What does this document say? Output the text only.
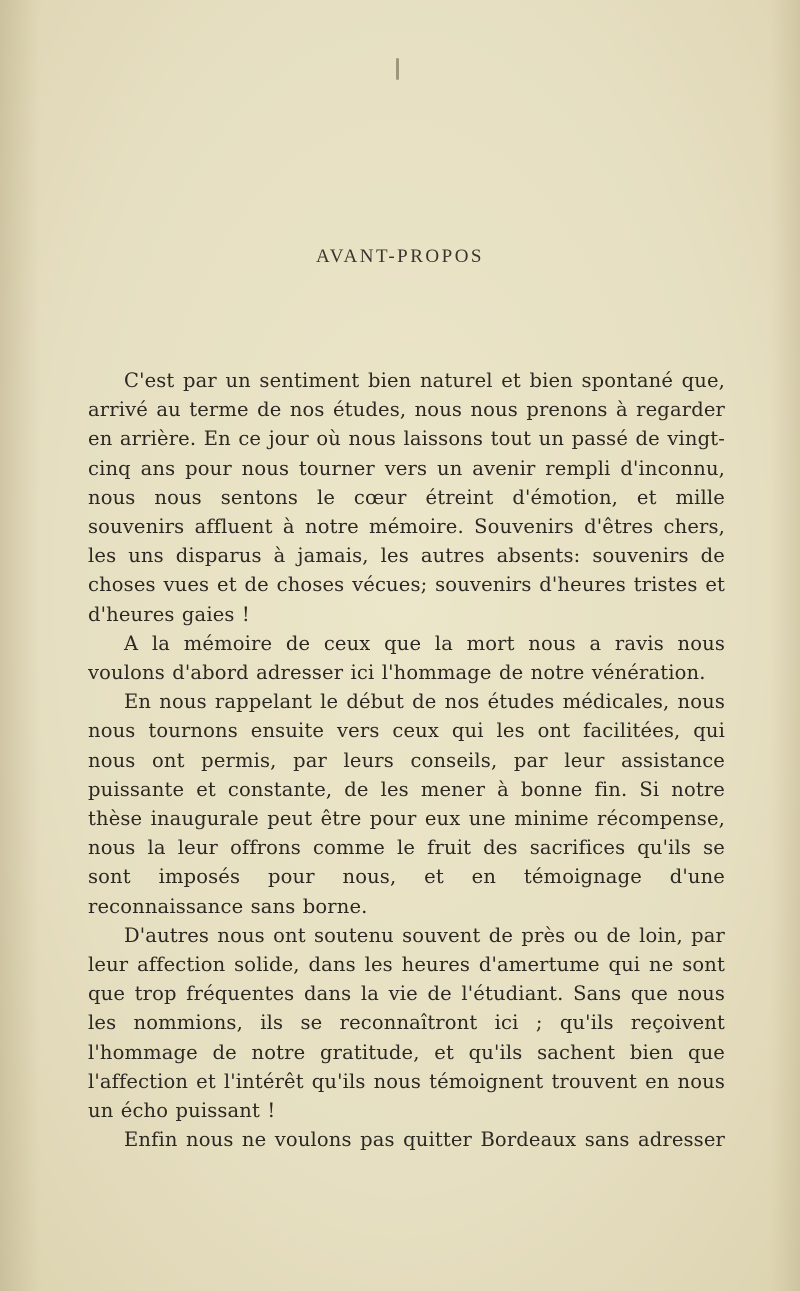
AVANT-PROPOS

C'est par un sentiment bien naturel et bien spontané que, arrivé au terme de nos études, nous nous prenons à regarder en arrière. En ce jour où nous laissons tout un passé de vingt-cinq ans pour nous tourner vers un avenir rempli d'inconnu, nous nous sentons le cœur étreint d'émotion, et mille souvenirs affluent à notre mémoire. Souvenirs d'êtres chers, les uns disparus à jamais, les autres absents: souvenirs de choses vues et de choses vécues; souvenirs d'heures tristes et d'heures gaies !

A la mémoire de ceux que la mort nous a ravis nous voulons d'abord adresser ici l'hommage de notre vénération.

En nous rappelant le début de nos études médicales, nous nous tournons ensuite vers ceux qui les ont facilitées, qui nous ont permis, par leurs conseils, par leur assistance puissante et constante, de les mener à bonne fin. Si notre thèse inaugurale peut être pour eux une minime récompense, nous la leur offrons comme le fruit des sacrifices qu'ils se sont imposés pour nous, et en témoignage d'une reconnaissance sans borne.

D'autres nous ont soutenu souvent de près ou de loin, par leur affection solide, dans les heures d'amertume qui ne sont que trop fréquentes dans la vie de l'étudiant. Sans que nous les nommions, ils se reconnaîtront ici ; qu'ils reçoivent l'hommage de notre gratitude, et qu'ils sachent bien que l'affection et l'intérêt qu'ils nous témoignent trouvent en nous un écho puissant !

Enfin nous ne voulons pas quitter Bordeaux sans adresser
